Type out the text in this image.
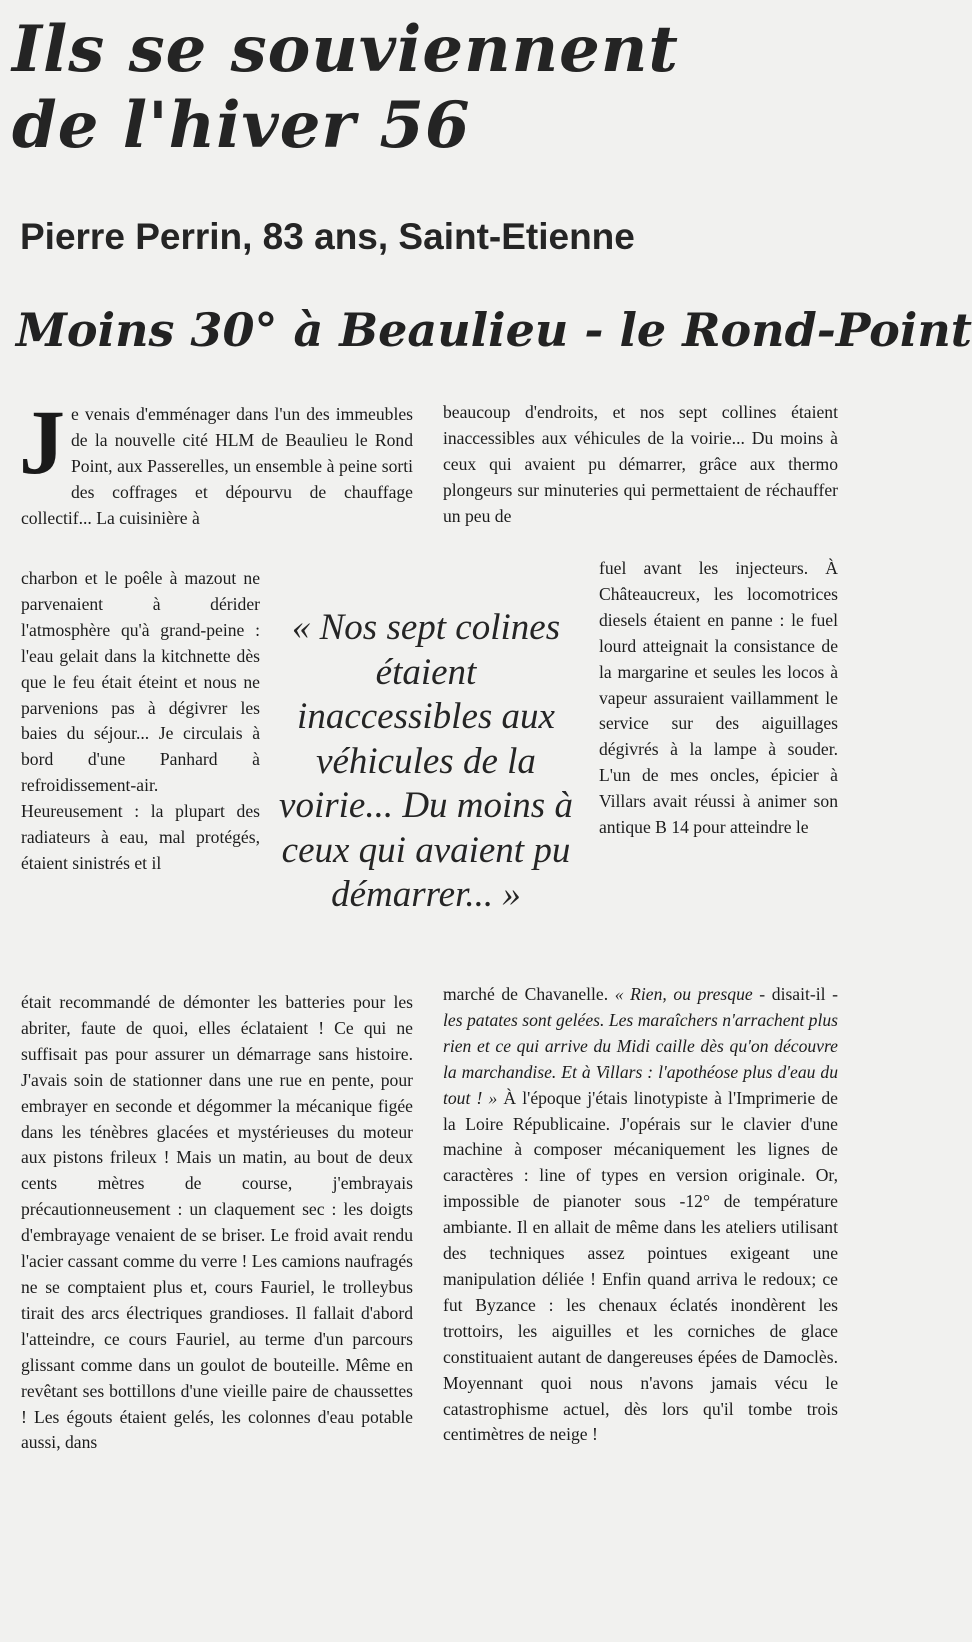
Ils se souviennent
de l'hiver 56
Pierre Perrin, 83 ans, Saint-Etienne
Moins 30° à Beaulieu - le Rond-Point
Je venais d'emménager dans l'un des immeubles de la nouvelle cité HLM de Beaulieu le Rond Point, aux Passerelles, un ensemble à peine sorti des coffrages et dépourvu de chauffage collectif... La cuisinière à

charbon et le poêle à mazout ne parvenaient à dérider l'atmosphère qu'à grand-peine : l'eau gelait dans la kitchnette dès que le feu était éteint et nous ne parvenions pas à dégivrer les baies du séjour... Je circulais à bord d'une Panhard à refroidissement-air. Heureusement : la plupart des radiateurs à eau, mal protégés, étaient sinistrés et il

était recommandé de démonter les batteries pour les abriter, faute de quoi, elles éclataient ! Ce qui ne suffisait pas pour assurer un démarrage sans histoire. J'avais soin de stationner dans une rue en pente, pour embrayer en seconde et dégommer la mécanique figée dans les ténèbres glacées et mystérieuses du moteur aux pistons frileux ! Mais un matin, au bout de deux cents mètres de course, j'embrayais précautionneusement : un claquement sec : les doigts d'embrayage venaient de se briser. Le froid avait rendu l'acier cassant comme du verre ! Les camions naufragés ne se comptaient plus et, cours Fauriel, le trolleybus tirait des arcs électriques grandioses. Il fallait d'abord l'atteindre, ce cours Fauriel, au terme d'un parcours glissant comme dans un goulot de bouteille. Même en revêtant ses bottillons d'une vieille paire de chaussettes ! Les égouts étaient gelés, les colonnes d'eau potable aussi, dans

« Nos sept colines étaient inaccessibles aux véhicules de la voirie... Du moins à ceux qui avaient pu démarrer... »

beaucoup d'endroits, et nos sept collines étaient inaccessibles aux véhicules de la voirie... Du moins à ceux qui avaient pu démarrer, grâce aux thermo plongeurs sur minuteries qui permettaient de réchauffer un peu de

fuel avant les injecteurs. À Châteaucreux, les locomotrices diesels étaient en panne : le fuel lourd atteignait la consistance de la margarine et seules les locos à vapeur assuraient vaillamment le service sur des aiguillages dégivrés à la lampe à souder. L'un de mes oncles, épicier à Villars avait réussi à animer son antique B 14 pour atteindre le

marché de Chavanelle. « Rien, ou presque - disait-il - les patates sont gelées. Les maraîchers n'arrachent plus rien et ce qui arrive du Midi caille dès qu'on découvre la marchandise. Et à Villars : l'apothéose plus d'eau du tout ! » À l'époque j'étais linotypiste à l'Imprimerie de la Loire Républicaine. J'opérais sur le clavier d'une machine à composer mécaniquement les lignes de caractères : line of types en version originale. Or, impossible de pianoter sous -12° de température ambiante. Il en allait de même dans les ateliers utilisant des techniques assez pointues exigeant une manipulation déliée ! Enfin quand arriva le redoux; ce fut Byzance : les chenaux éclatés inondèrent les trottoirs, les aiguilles et les corniches de glace constituaient autant de dangereuses épées de Damoclès. Moyennant quoi nous n'avons jamais vécu le catastrophisme actuel, dès lors qu'il tombe trois centimètres de neige !
